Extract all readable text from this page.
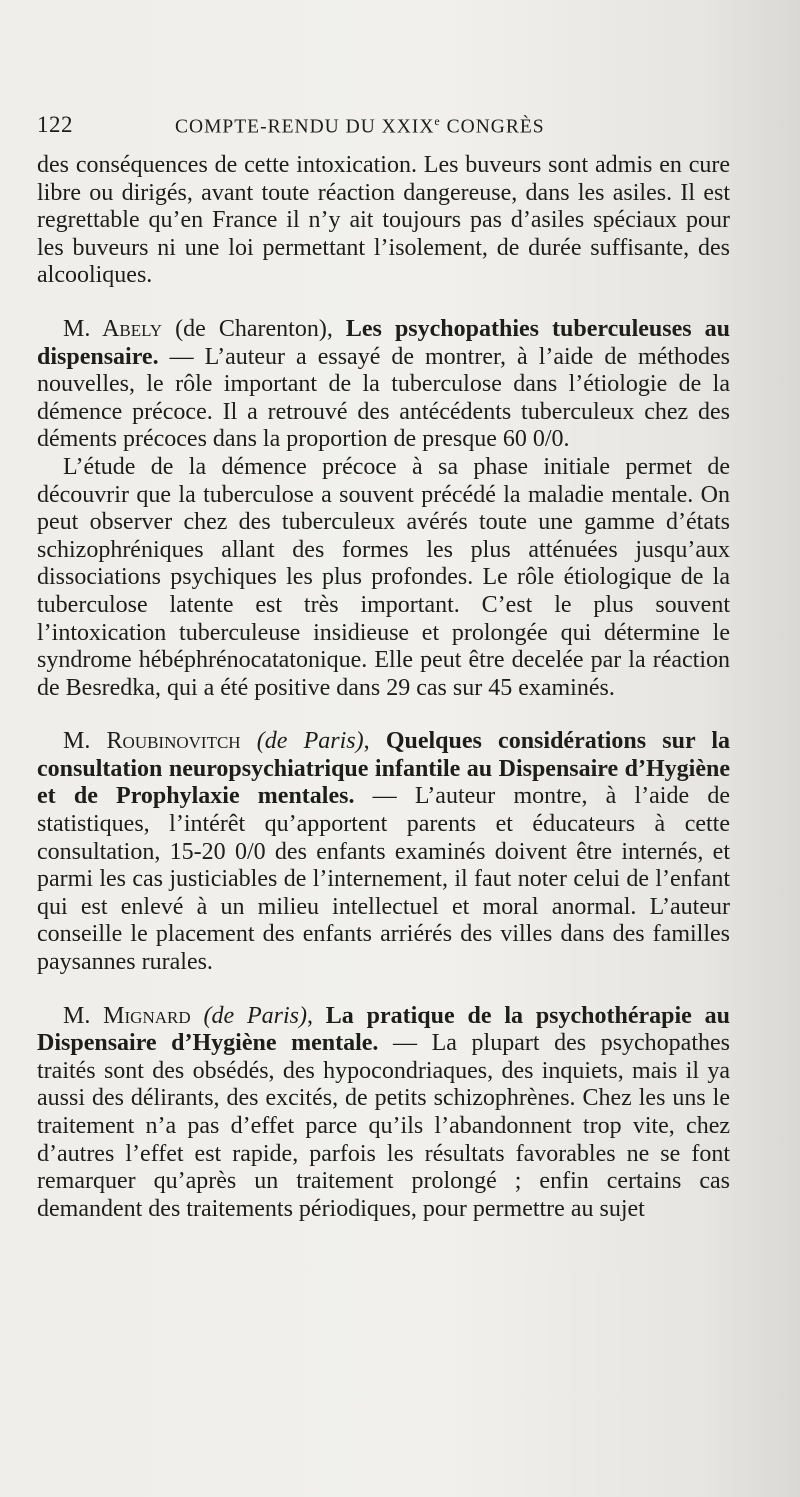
122	COMPTE-RENDU DU XXIXe CONGRÈS

des conséquences de cette intoxication. Les buveurs sont admis en cure libre ou dirigés, avant toute réaction dangereuse, dans les asiles. Il est regrettable qu’en France il n’y ait toujours pas d’asiles spéciaux pour les buveurs ni une loi permettant l’isolement, de durée suffisante, des alcooliques.

M. Abely (de Charenton), Les psychopathies tuberculeuses au dispensaire. — L’auteur a essayé de montrer, à l’aide de méthodes nouvelles, le rôle important de la tuberculose dans l’étiologie de la démence précoce. Il a retrouvé des antécédents tuberculeux chez des déments précoces dans la proportion de presque 60 0/0.

L’étude de la démence précoce à sa phase initiale permet de découvrir que la tuberculose a souvent précédé la maladie mentale. On peut observer chez des tuberculeux avérés toute une gamme d’états schizophréniques allant des formes les plus atténuées jusqu’aux dissociations psychiques les plus profondes. Le rôle étiologique de la tuberculose latente est très important. C’est le plus souvent l’intoxication tuberculeuse insidieuse et prolongée qui détermine le syndrome hébéphrénocatatonique. Elle peut être decelée par la réaction de Besredka, qui a été positive dans 29 cas sur 45 examinés.

M. Roubinovitch (de Paris), Quelques considérations sur la consultation neuropsychiatrique infantile au Dispensaire d’Hygiène et de Prophylaxie mentales. — L’auteur montre, à l’aide de statistiques, l’intérêt qu’apportent parents et éducateurs à cette consultation, 15-20 0/0 des enfants examinés doivent être internés, et parmi les cas justiciables de l’internement, il faut noter celui de l’enfant qui est enlevé à un milieu intellectuel et moral anormal. L’auteur conseille le placement des enfants arriérés des villes dans des familles paysannes rurales.

M. Mignard (de Paris), La pratique de la psychothérapie au Dispensaire d’Hygiène mentale. — La plupart des psychopathes traités sont des obsédés, des hypocondriaques, des inquiets, mais il ya aussi des délirants, des excités, de petits schizophrènes. Chez les uns le traitement n’a pas d’effet parce qu’ils l’abandonnent trop vite, chez d’autres l’effet est rapide, parfois les résultats favorables ne se font remarquer qu’après un traitement prolongé ; enfin certains cas demandent des traitements périodiques, pour permettre au sujet
